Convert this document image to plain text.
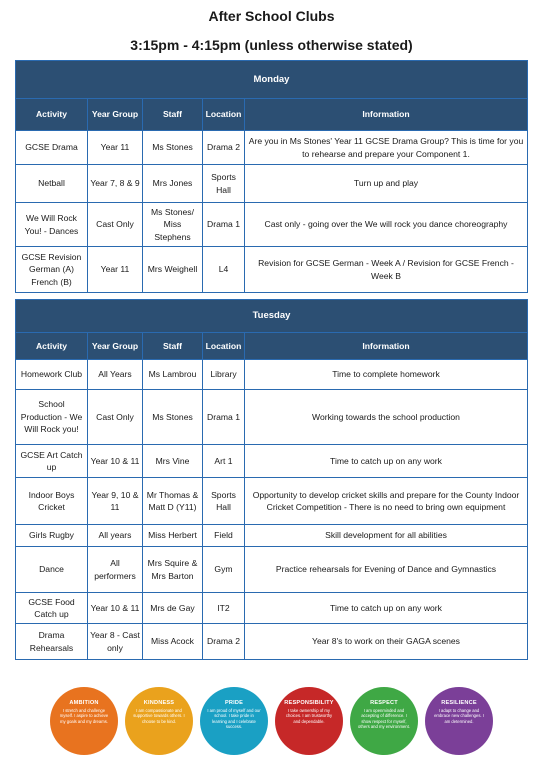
After School Clubs
3:15pm - 4:15pm (unless otherwise stated)
Monday				
Activity	Year Group	Staff	Location	Information
GCSE Drama	Year 11	Ms Stones	Drama 2	Are you in Ms Stones' Year 11 GCSE Drama Group? This is time for you to rehearse and prepare your Component 1.
Netball	Year 7, 8 & 9	Mrs Jones	Sports Hall	Turn up and play
We Will Rock You! - Dances	Cast Only	Ms Stones/ Miss Stephens	Drama 1	Cast only - going over the We will rock you dance choreography
GCSE Revision German (A) French (B)	Year 11	Mrs Weighell	L4	Revision for GCSE German - Week A / Revision for GCSE French - Week B
Tuesday				
Activity	Year Group	Staff	Location	Information
Homework Club	All Years	Ms Lambrou	Library	Time to complete homework
School Production - We Will Rock you!	Cast Only	Ms Stones	Drama 1	Working towards the school production
GCSE Art Catch up	Year 10 & 11	Mrs Vine	Art 1	Time to catch up on any work
Indoor Boys Cricket	Year 9, 10 & 11	Mr Thomas & Matt D (Y11)	Sports Hall	Opportunity to develop cricket skills and prepare for the County Indoor Cricket Competition - There is no need to bring own equipment
Girls Rugby	All years	Miss Herbert	Field	Skill development for all abilities
Dance	All performers	Mrs Squire & Mrs Barton	Gym	Practice rehearsals for Evening of Dance and Gymnastics
GCSE Food Catch up	Year 10 & 11	Mrs de Gay	IT2	Time to catch up on any work
Drama Rehearsals	Year 8 - Cast only	Miss Acock	Drama 2	Year 8's to work on their GAGA scenes
AMBITION
I stretch and challenge myself. I aspire to achieve my goals and my dreams.
KINDNESS
I am compassionate and supportive towards others. I choose to be kind.
PRIDE
I am proud of myself and our school. I take pride in learning and I celebrate success.
RESPONSIBILITY
I take ownership of my choices. I am trustworthy and dependable.
RESPECT
I am openminded and accepting of difference. I show respect for myself, others and my environment.
RESILIENCE
I adapt to change and embrace new challenges. I am determined.
